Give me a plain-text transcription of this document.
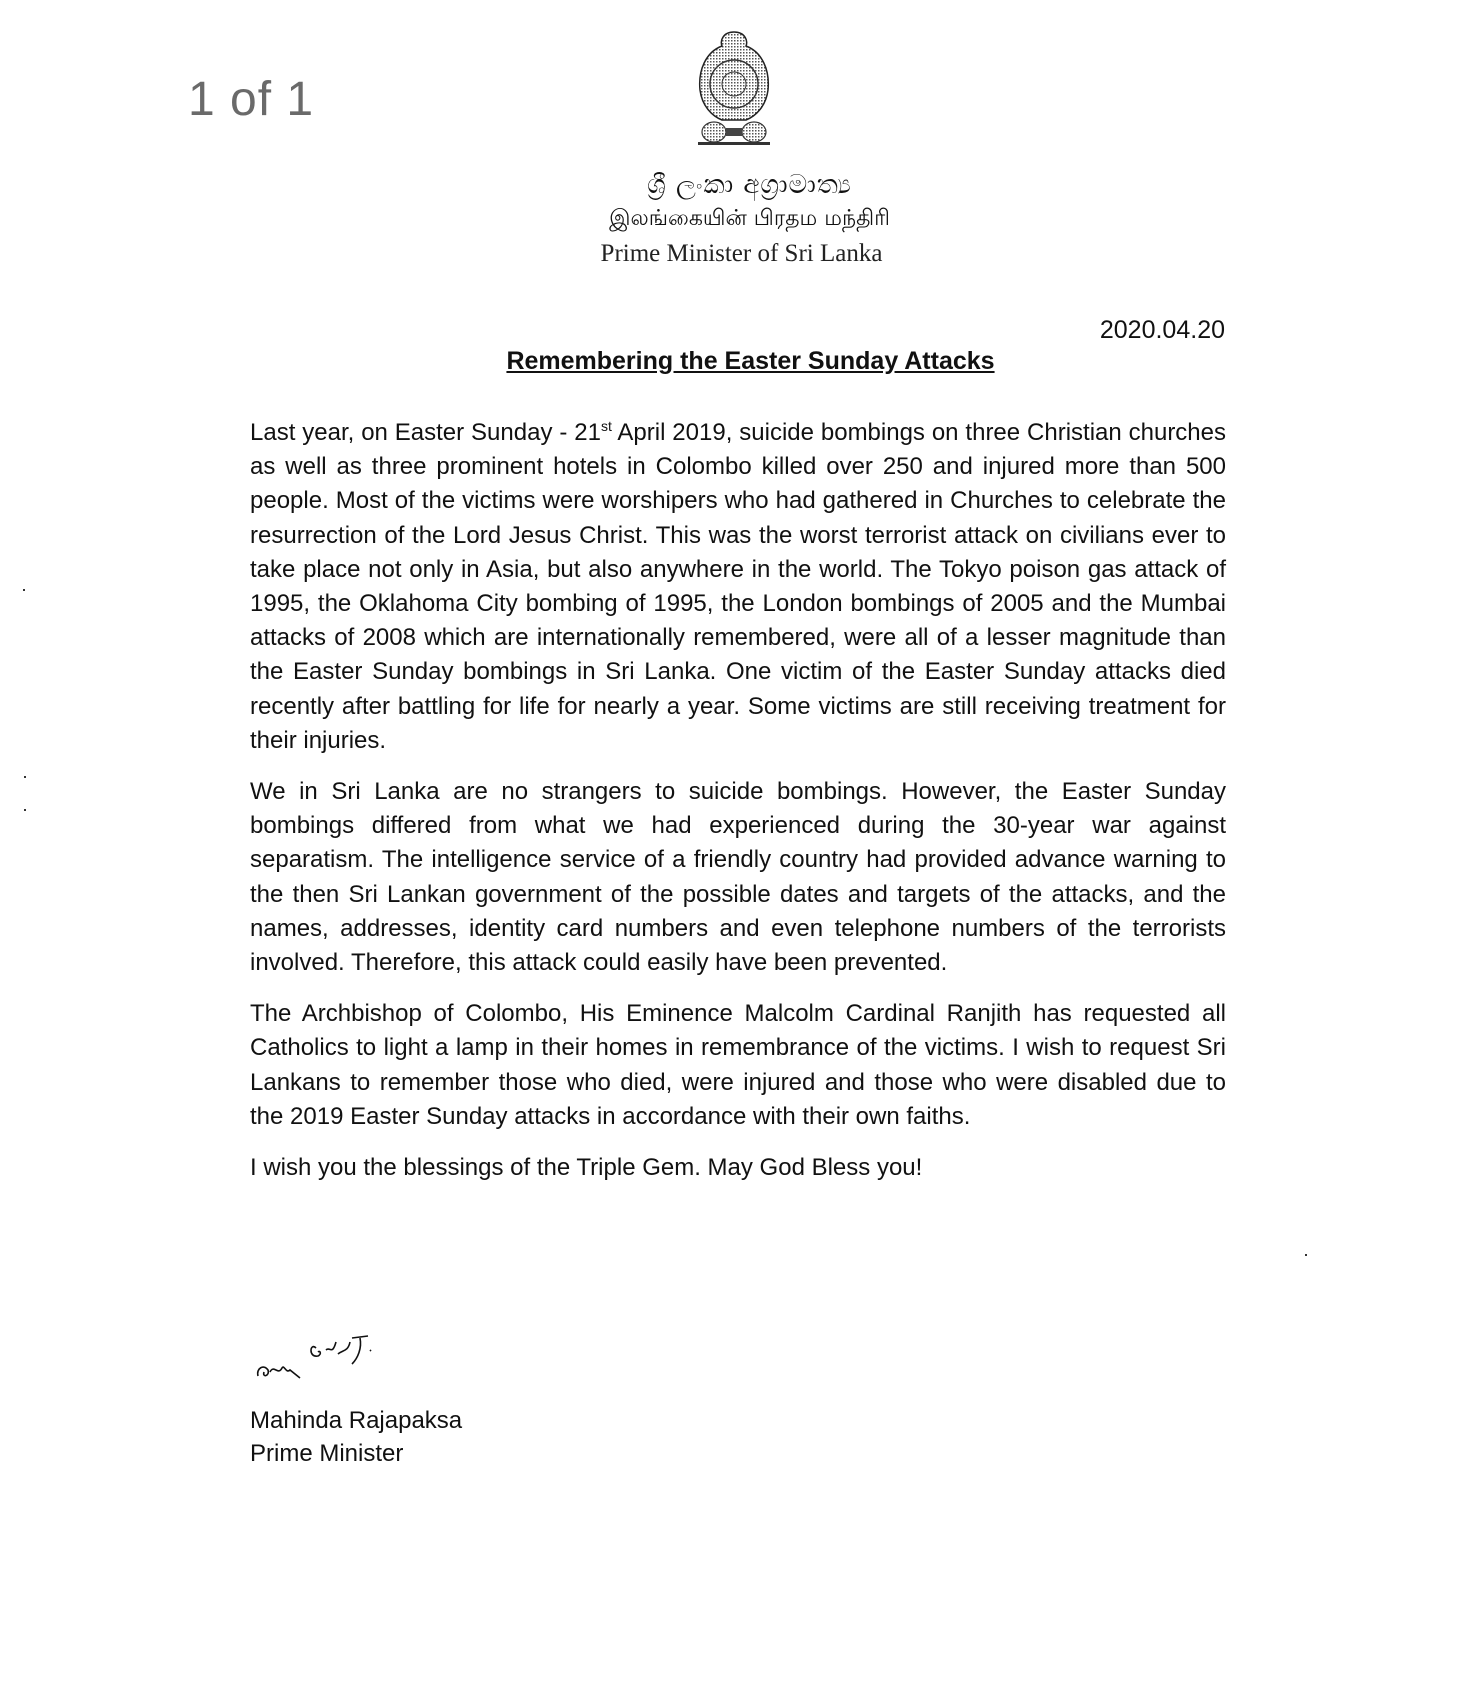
1 of 1
ශ්‍රී ලංකා අග්‍රාමාත්‍ය
இலங்கையின் பிரதம மந்திரி
Prime Minister of Sri Lanka
2020.04.20
Remembering the Easter Sunday Attacks

Last year, on Easter Sunday - 21st April 2019, suicide bombings on three Christian churches as well as three prominent hotels in Colombo killed over 250 and injured more than 500 people. Most of the victims were worshipers who had gathered in Churches to celebrate the resurrection of the Lord Jesus Christ. This was the worst terrorist attack on civilians ever to take place not only in Asia, but also anywhere in the world. The Tokyo poison gas attack of 1995, the Oklahoma City bombing of 1995, the London bombings of 2005 and the Mumbai attacks of 2008 which are internationally remembered, were all of a lesser magnitude than the Easter Sunday bombings in Sri Lanka. One victim of the Easter Sunday attacks died recently after battling for life for nearly a year. Some victims are still receiving treatment for their injuries.

We in Sri Lanka are no strangers to suicide bombings. However, the Easter Sunday bombings differed from what we had experienced during the 30-year war against separatism. The intelligence service of a friendly country had provided advance warning to the then Sri Lankan government of the possible dates and targets of the attacks, and the names, addresses, identity card numbers and even telephone numbers of the terrorists involved. Therefore, this attack could easily have been prevented.

The Archbishop of Colombo, His Eminence Malcolm Cardinal Ranjith has requested all Catholics to light a lamp in their homes in remembrance of the victims. I wish to request Sri Lankans to remember those who died, were injured and those who were disabled due to the 2019 Easter Sunday attacks in accordance with their own faiths.

I wish you the blessings of the Triple Gem. May God Bless you!

Mahinda Rajapaksa
Prime Minister
